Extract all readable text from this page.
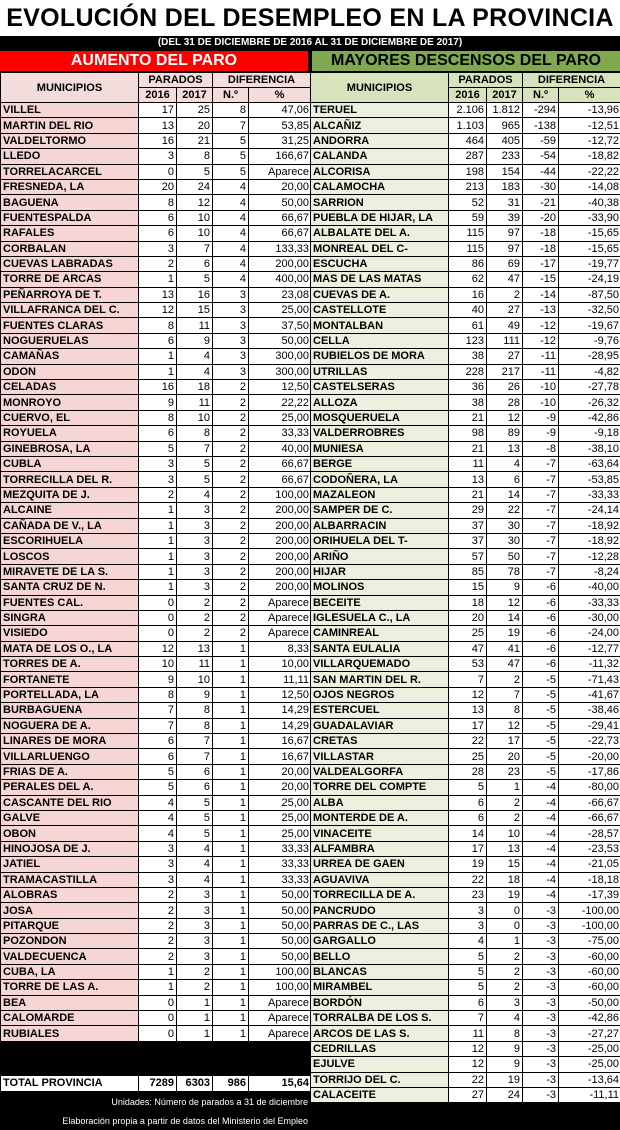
EVOLUCIÓN DEL DESEMPLEO EN LA PROVINCIA
(DEL 31 DE DICIEMBRE DE 2016 AL 31 DE DICIEMBRE DE 2017)
AUMENTO DEL PARO	MAYORES DESCENSOS DEL PARO
MUNICIPIOS	PARADOS		DIFERENCIA	
	2016	2017	N.º	%
VILLEL	17	25	8	47,06
MARTIN DEL RIO	13	20	7	53,85
VALDELTORMO	16	21	5	31,25
LLEDO	3	8	5	166,67
TORRELACARCEL	0	5	5	Aparece
FRESNEDA, LA	20	24	4	20,00
BAGUENA	8	12	4	50,00
FUENTESPALDA	6	10	4	66,67
RAFALES	6	10	4	66,67
CORBALAN	3	7	4	133,33
CUEVAS LABRADAS	2	6	4	200,00
TORRE DE ARCAS	1	5	4	400,00
PEÑARROYA DE T.	13	16	3	23,08
VILLAFRANCA DEL C.	12	15	3	25,00
FUENTES CLARAS	8	11	3	37,50
NOGUERUELAS	6	9	3	50,00
CAMAÑAS	1	4	3	300,00
ODON	1	4	3	300,00
CELADAS	16	18	2	12,50
MONROYO	9	11	2	22,22
CUERVO, EL	8	10	2	25,00
ROYUELA	6	8	2	33,33
GINEBROSA, LA	5	7	2	40,00
CUBLA	3	5	2	66,67
TORRECILLA DEL R.	3	5	2	66,67
MEZQUITA DE J.	2	4	2	100,00
ALCAINE	1	3	2	200,00
CAÑADA DE V., LA	1	3	2	200,00
ESCORIHUELA	1	3	2	200,00
LOSCOS	1	3	2	200,00
MIRAVETE DE LA S.	1	3	2	200,00
SANTA CRUZ DE N.	1	3	2	200,00
FUENTES CAL.	0	2	2	Aparece
SINGRA	0	2	2	Aparece
VISIEDO	0	2	2	Aparece
MATA DE LOS O., LA	12	13	1	8,33
TORRES DE A.	10	11	1	10,00
FORTANETE	9	10	1	11,11
PORTELLADA, LA	8	9	1	12,50
BURBAGUENA	7	8	1	14,29
NOGUERA DE A.	7	8	1	14,29
LINARES DE MORA	6	7	1	16,67
VILLARLUENGO	6	7	1	16,67
FRIAS DE A.	5	6	1	20,00
PERALES DEL A.	5	6	1	20,00
CASCANTE DEL RIO	4	5	1	25,00
GALVE	4	5	1	25,00
OBON	4	5	1	25,00
HINOJOSA DE J.	3	4	1	33,33
JATIEL	3	4	1	33,33
TRAMACASTILLA	3	4	1	33,33
ALOBRAS	2	3	1	50,00
JOSA	2	3	1	50,00
PITARQUE	2	3	1	50,00
POZONDON	2	3	1	50,00
VALDECUENCA	2	3	1	50,00
CUBA, LA	1	2	1	100,00
TORRE DE LAS A.	1	2	1	100,00
BEA	0	1	1	Aparece
CALOMARDE	0	1	1	Aparece
RUBIALES	0	1	1	Aparece
MUNICIPIOS	PARADOS		DIFERENCIA	
	2016	2017	N.º	%
TERUEL	2.106	1.812	-294	-13,96
ALCAÑIZ	1.103	965	-138	-12,51
ANDORRA	464	405	-59	-12,72
CALANDA	287	233	-54	-18,82
ALCORISA	198	154	-44	-22,22
CALAMOCHA	213	183	-30	-14,08
SARRION	52	31	-21	-40,38
PUEBLA DE HIJAR, LA	59	39	-20	-33,90
ALBALATE DEL A.	115	97	-18	-15,65
MONREAL DEL C-	115	97	-18	-15,65
ESCUCHA	86	69	-17	-19,77
MAS DE LAS MATAS	62	47	-15	-24,19
CUEVAS DE A.	16	2	-14	-87,50
CASTELLOTE	40	27	-13	-32,50
MONTALBAN	61	49	-12	-19,67
CELLA	123	111	-12	-9,76
RUBIELOS DE MORA	38	27	-11	-28,95
UTRILLAS	228	217	-11	-4,82
CASTELSERAS	36	26	-10	-27,78
ALLOZA	38	28	-10	-26,32
MOSQUERUELA	21	12	-9	-42,86
VALDERROBRES	98	89	-9	-9,18
MUNIESA	21	13	-8	-38,10
BERGE	11	4	-7	-63,64
CODOÑERA, LA	13	6	-7	-53,85
MAZALEON	21	14	-7	-33,33
SAMPER DE C.	29	22	-7	-24,14
ALBARRACIN	37	30	-7	-18,92
ORIHUELA DEL T-	37	30	-7	-18,92
ARIÑO	57	50	-7	-12,28
HIJAR	85	78	-7	-8,24
MOLINOS	15	9	-6	-40,00
BECEITE	18	12	-6	-33,33
IGLESUELA C., LA	20	14	-6	-30,00
CAMINREAL	25	19	-6	-24,00
SANTA EULALIA	47	41	-6	-12,77
VILLARQUEMADO	53	47	-6	-11,32
SAN MARTIN DEL R.	7	2	-5	-71,43
OJOS NEGROS	12	7	-5	-41,67
ESTERCUEL	13	8	-5	-38,46
GUADALAVIAR	17	12	-5	-29,41
CRETAS	22	17	-5	-22,73
VILLASTAR	25	20	-5	-20,00
VALDEALGORFA	28	23	-5	-17,86
TORRE DEL COMPTE	5	1	-4	-80,00
ALBA	6	2	-4	-66,67
MONTERDE DE A.	6	2	-4	-66,67
VINACEITE	14	10	-4	-28,57
ALFAMBRA	17	13	-4	-23,53
URREA DE GAEN	19	15	-4	-21,05
AGUAVIVA	22	18	-4	-18,18
TORRECILLA DE A.	23	19	-4	-17,39
PANCRUDO	3	0	-3	-100,00
PARRAS DE C., LAS	3	0	-3	-100,00
GARGALLO	4	1	-3	-75,00
BELLO	5	2	-3	-60,00
BLANCAS	5	2	-3	-60,00
MIRAMBEL	5	2	-3	-60,00
BORDÓN	6	3	-3	-50,00
TORRALBA DE LOS S.	7	4	-3	-42,86
ARCOS DE LAS S.	11	8	-3	-27,27
CEDRILLAS	12	9	-3	-25,00
EJULVE	12	9	-3	-25,00
TORRIJO DEL C.	22	19	-3	-13,64
CALACEITE	27	24	-3	-11,11
TOTAL PROVINCIA	7289	6303	986	15,64
Unidades: Número de parados a 31 de diciembre
Elaboración propia a partir de datos del Ministerio del Empleo
